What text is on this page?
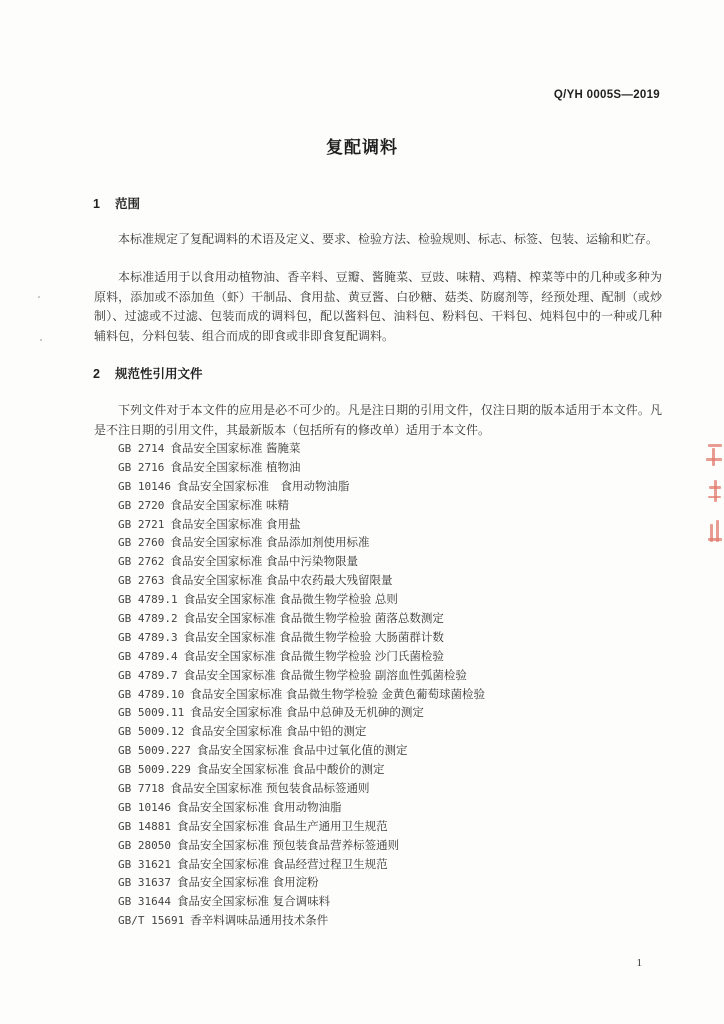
Q/YH 0005S—2019
复配调料
1 范围

本标准规定了复配调料的术语及定义、要求、检验方法、检验规则、标志、标签、包装、运输和贮存。

本标准适用于以食用动植物油、香辛料、豆瓣、酱腌菜、豆豉、味精、鸡精、榨菜等中的几种或多种为原料，添加或不添加鱼（虾）干制品、食用盐、黄豆酱、白砂糖、菇类、防腐剂等，经预处理、配制（或炒制）、过滤或不过滤、包装而成的调料包，配以酱料包、油料包、粉料包、干料包、炖料包中的一种或几种辅料包，分料包装、组合而成的即食或非即食复配调料。

2 规范性引用文件

下列文件对于本文件的应用是必不可少的。凡是注日期的引用文件，仅注日期的版本适用于本文件。凡是不注日期的引用文件，其最新版本（包括所有的修改单）适用于本文件。

GB 2714 食品安全国家标准 酱腌菜
GB 2716 食品安全国家标准 植物油
GB 10146 食品安全国家标准　食用动物油脂
GB 2720 食品安全国家标准 味精
GB 2721 食品安全国家标准 食用盐
GB 2760 食品安全国家标准 食品添加剂使用标准
GB 2762 食品安全国家标准 食品中污染物限量
GB 2763 食品安全国家标准 食品中农药最大残留限量
GB 4789.1 食品安全国家标准 食品微生物学检验 总则
GB 4789.2 食品安全国家标准 食品微生物学检验 菌落总数测定
GB 4789.3 食品安全国家标准 食品微生物学检验 大肠菌群计数
GB 4789.4 食品安全国家标准 食品微生物学检验 沙门氏菌检验
GB 4789.7 食品安全国家标准 食品微生物学检验 副溶血性弧菌检验
GB 4789.10 食品安全国家标准 食品微生物学检验 金黄色葡萄球菌检验
GB 5009.11 食品安全国家标准 食品中总砷及无机砷的测定
GB 5009.12 食品安全国家标准 食品中铅的测定
GB 5009.227 食品安全国家标准 食品中过氧化值的测定
GB 5009.229 食品安全国家标准 食品中酸价的测定
GB 7718 食品安全国家标准 预包装食品标签通则
GB 10146 食品安全国家标准 食用动物油脂
GB 14881 食品安全国家标准 食品生产通用卫生规范
GB 28050 食品安全国家标准 预包装食品营养标签通则
GB 31621 食品安全国家标准 食品经营过程卫生规范
GB 31637 食品安全国家标准 食用淀粉
GB 31644 食品安全国家标准 复合调味料
GB/T 15691 香辛料调味品通用技术条件
1
